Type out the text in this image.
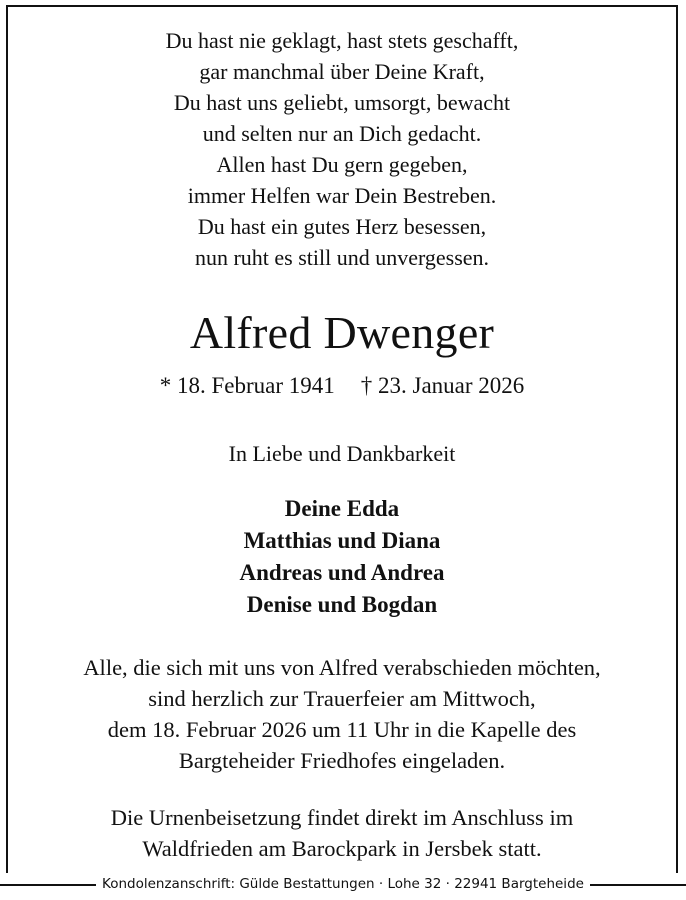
Du hast nie geklagt, hast stets geschafft,
gar manchmal über Deine Kraft,
Du hast uns geliebt, umsorgt, bewacht
und selten nur an Dich gedacht.
Allen hast Du gern gegeben,
immer Helfen war Dein Bestreben.
Du hast ein gutes Herz besessen,
nun ruht es still und unvergessen.
Alfred Dwenger
* 18. Februar 1941 † 23. Januar 2026
In Liebe und Dankbarkeit
Deine Edda
Matthias und Diana
Andreas und Andrea
Denise und Bogdan
Alle, die sich mit uns von Alfred verabschieden möchten,
sind herzlich zur Trauerfeier am Mittwoch,
dem 18. Februar 2026 um 11 Uhr in die Kapelle des
Bargteheider Friedhofes eingeladen.
Die Urnenbeisetzung findet direkt im Anschluss im
Waldfrieden am Barockpark in Jersbek statt.
Kondolenzanschrift: Gülde Bestattungen · Lohe 32 · 22941 Bargteheide
